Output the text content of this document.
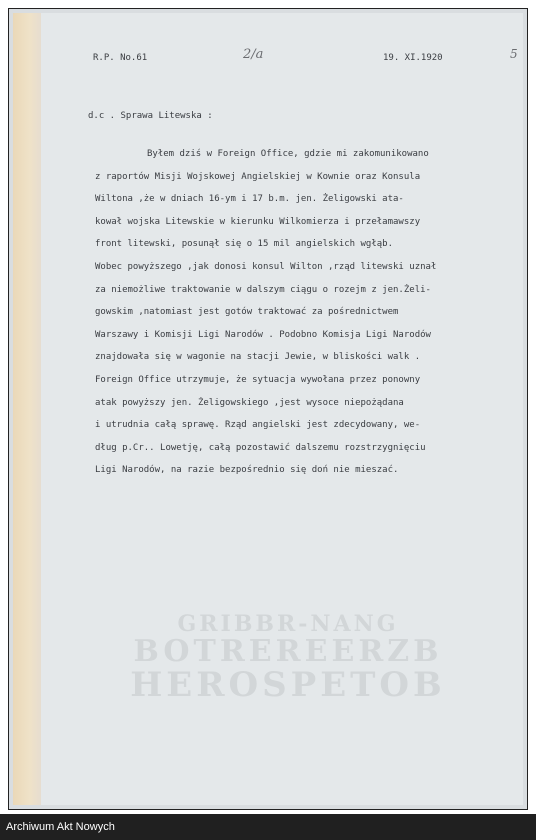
R.P. No.61	2/a	19. XI.1920	5
d.c . Sprawa Litewska :
Byłem dziś w Foreign Office, gdzie mi zakomunikowano
z raportów Misji Wojskowej Angielskiej w Kownie oraz Konsula
Wiltona ,że w dniach 16-ym i 17 b.m. jen. Żeligowski ata-
kował wojska Litewskie w kierunku Wilkomierza i przełamawszy
front litewski, posunął się o 15 mil angielskich wgłąb.
Wobec powyższego ,jak donosi konsul Wilton ,rząd litewski uznał
za niemożliwe traktowanie w dalszym ciągu o rozejm z jen.Żeli-
gowskim ,natomiast jest gotów traktować za pośrednictwem
Warszawy i Komisji Ligi Narodów . Podobno Komisja Ligi Narodów
znajdowała się w wagonie na stacji Jewie, w bliskości walk .
Foreign Office utrzymuje, że sytuacja wywołana przez ponowny
atak powyższy jen. Żeligowskiego ,jest wysoce niepożądana
i utrudnia całą sprawę. Rząd angielski jest zdecydowany, we-
dług p.Cr.. Lowetję, całą pozostawić dalszemu rozstrzygnięciu
Ligi Narodów, na razie bezpośrednio się doń nie mieszać.
GRIBBR-NANG
BOTREREERZB
HEROSPETOB
Archiwum Akt Nowych
